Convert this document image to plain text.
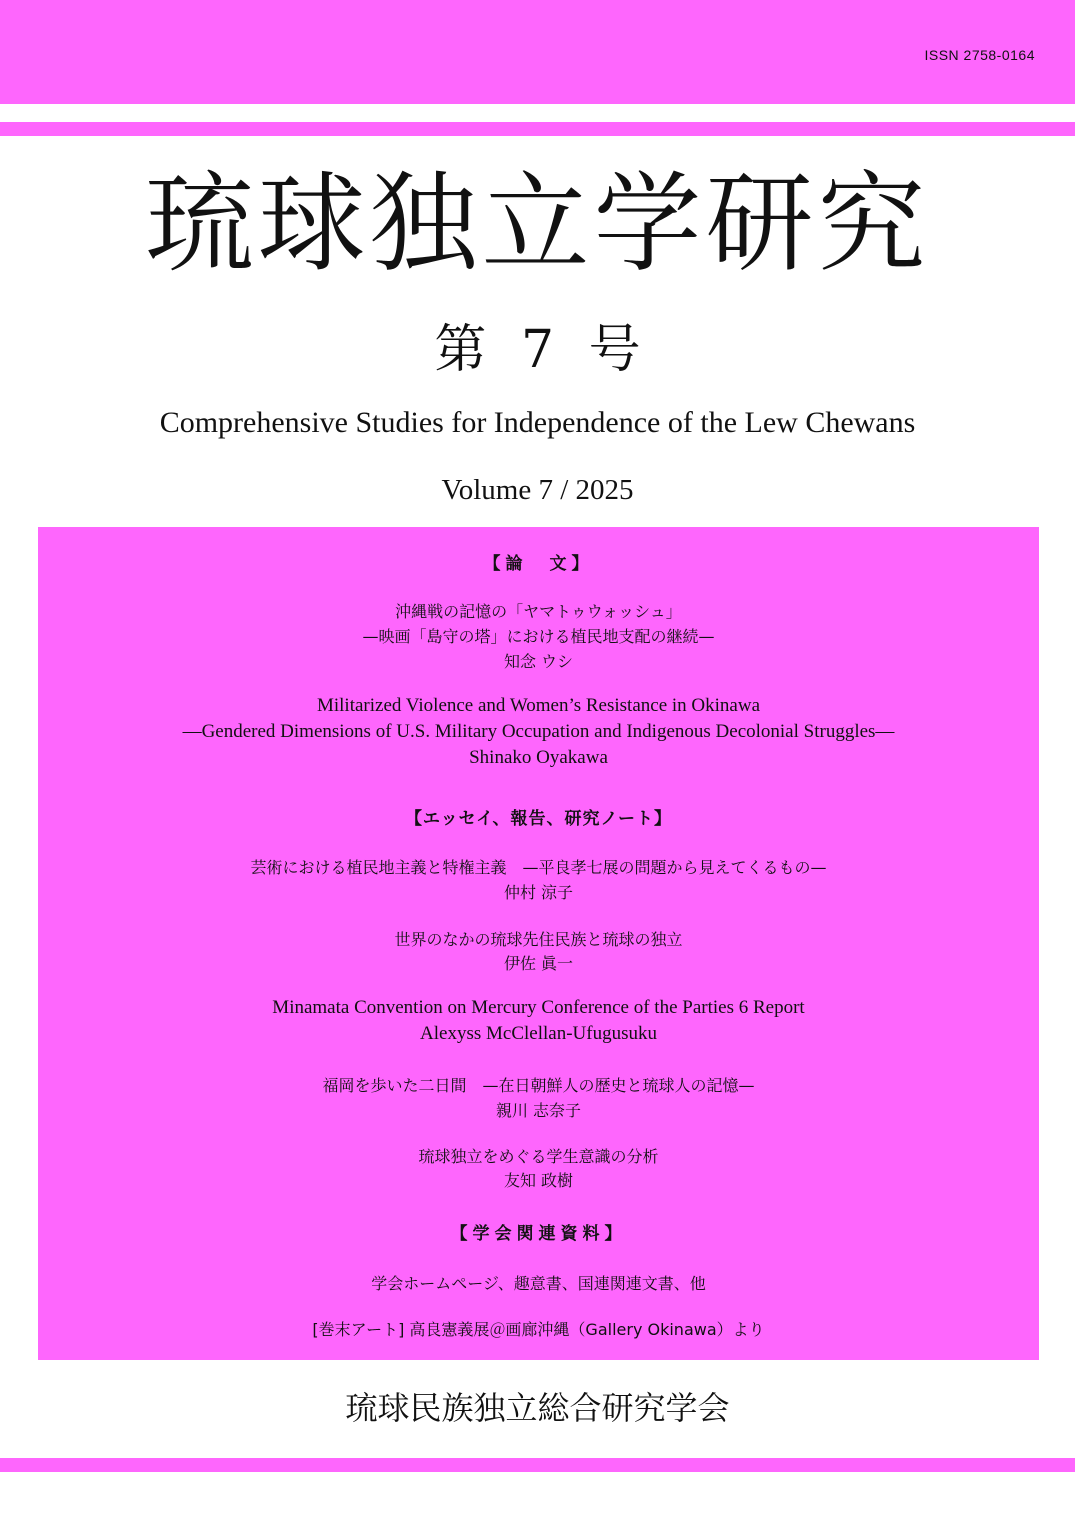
ISSN 2758-0164
琉球独立学研究
第 7 号
Comprehensive Studies for Independence of the Lew Chewans
Volume 7 / 2025
【論　文】
沖縄戦の記憶の「ヤマトゥウォッシュ」
—映画「島守の塔」における植民地支配の継続—
知念 ウシ
Militarized Violence and Women’s Resistance in Okinawa
—Gendered Dimensions of U.S. Military Occupation and Indigenous Decolonial Struggles—
Shinako Oyakawa
【エッセイ、報告、研究ノート】
芸術における植民地主義と特権主義　—平良孝七展の問題から見えてくるもの—
仲村 涼子
世界のなかの琉球先住民族と琉球の独立
伊佐 眞一
Minamata Convention on Mercury Conference of the Parties 6 Report
Alexyss McClellan-Ufugusuku
福岡を歩いた二日間　—在日朝鮮人の歴史と琉球人の記憶—
親川 志奈子
琉球独立をめぐる学生意識の分析
友知 政樹
【学会関連資料】
学会ホームページ、趣意書、国連関連文書、他
[巻末アート] 高良憲義展＠画廊沖縄（Gallery Okinawa）より
琉球民族独立総合研究学会
